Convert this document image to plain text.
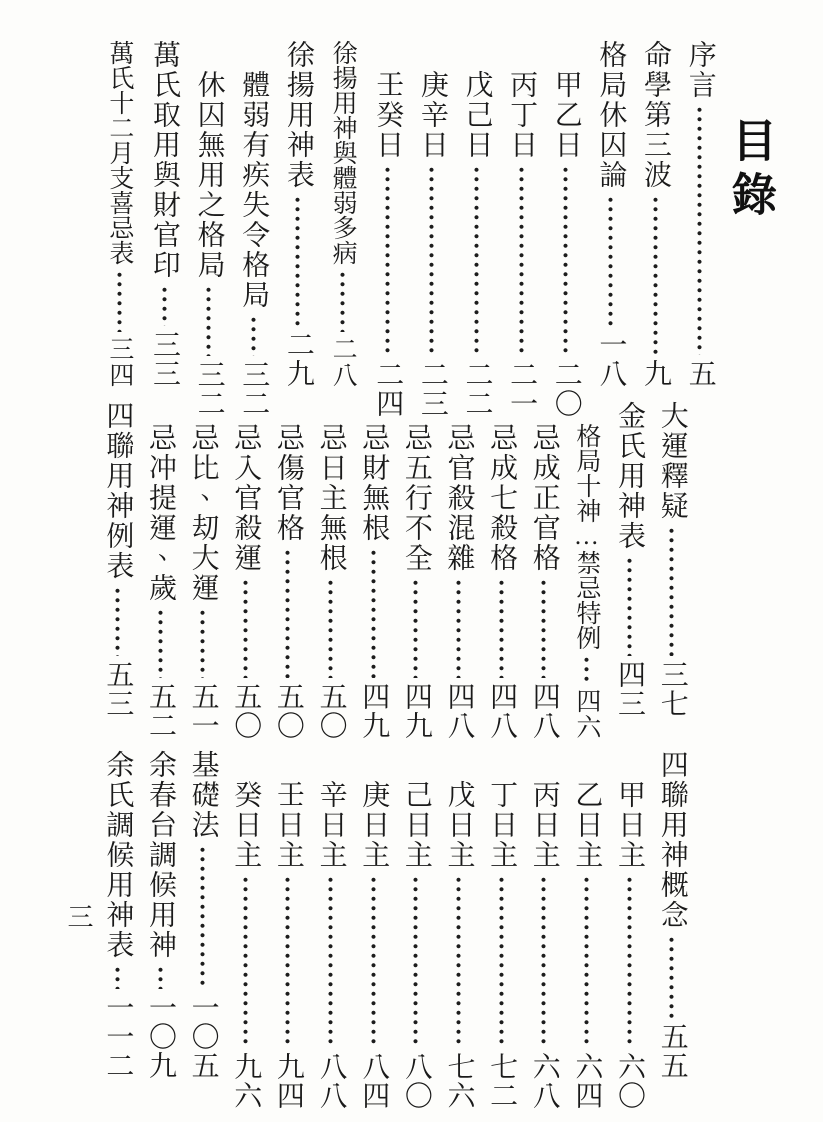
目錄
序言
五
命學第三波
九
格局休囚論
一八
甲乙日
二〇
丙丁日
二一
戊己日
二二
庚辛日
二三
壬癸日
二四
徐揚用神與體弱多病
二八
徐揚用神表
二九
體弱有疾失令格局
三二
休囚無用之格局
三二
萬氏取用與財官印
三三
萬氏十二月支喜忌表
三四
大運釋疑
三七
金氏用神表
四三
格局十神…禁忌特例
四六
忌成正官格
四八
忌成七殺格
四八
忌官殺混雜
四八
忌五行不全
四九
忌財無根
四九
忌日主無根
五〇
忌傷官格
五〇
忌入官殺運
五〇
忌比、刧大運
五一
忌冲提運、歲
五二
四聯用神例表
五三
四聯用神概念
五五
甲日主
六〇
乙日主
六四
丙日主
六八
丁日主
七二
戊日主
七六
己日主
八〇
庚日主
八四
辛日主
八八
壬日主
九四
癸日主
九六
基礎法
一〇五
余春台調候用神
一〇九
余氏調候用神表
一一二
三
